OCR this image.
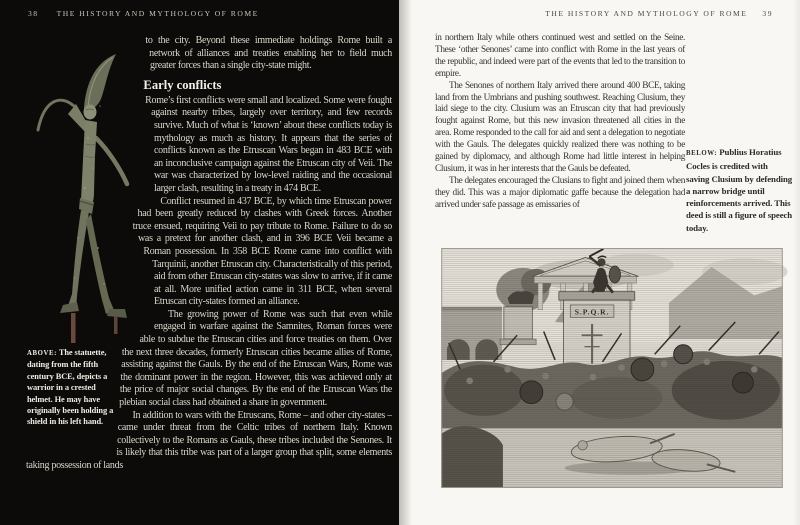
38 THE HISTORY AND MYTHOLOGY OF ROME

to the city. Beyond these immediate holdings Rome built a network of alliances and treaties enabling her to field much greater forces than a single city-state might.

Early conflicts

Rome’s first conflicts were small and localized. Some were fought against nearby tribes, largely over territory, and few records survive. Much of what is ‘known’ about these conflicts today is mythology as much as history. It appears that the series of conflicts known as the Etruscan Wars began in 483 BCE with an inconclusive campaign against the Etruscan city of Veii. The war was characterized by low-level raiding and the occasional larger clash, resulting in a treaty in 474 BCE.

Conflict resumed in 437 BCE, by which time Etruscan power had been greatly reduced by clashes with Greek forces. Another truce ensued, requiring Veii to pay tribute to Rome. Failure to do so was a pretext for another clash, and in 396 BCE Veii became a Roman possession. In 358 BCE Rome came into conflict with Tarquinii, another Etruscan city. Characteristically of this period, aid from other Etruscan city-states was slow to arrive, if it came at all. More unified action came in 311 BCE, when several Etruscan city-states formed an alliance.

The growing power of Rome was such that even while engaged in warfare against the Samnites, Roman forces were able to subdue the Etruscan cities and force treaties on them. Over the next three decades, formerly Etruscan cities became allies of Rome, assisting against the Gauls. By the end of the Etruscan Wars, Rome was the dominant power in the region. However, this was achieved only at the price of major social changes. By the end of the Etruscan Wars the plebian social class had obtained a share in government.

In addition to wars with the Etruscans, Rome – and other city-states – came under threat from the Celtic tribes of northern Italy. Known collectively to the Romans as Gauls, these tribes included the Senones. It is likely that this tribe was part of a larger group that split, some elements taking possession of lands

ABOVE: The statuette, dating from the fifth century BCE, depicts a warrior in a crested helmet. He may have originally been holding a shield in his left hand.
THE HISTORY AND MYTHOLOGY OF ROME 39

in northern Italy while others continued west and settled on the Seine. These ‘other Senones’ came into conflict with Rome in the last years of the republic, and indeed were part of the events that led to the transition to empire.

The Senones of northern Italy arrived there around 400 BCE, taking land from the Umbrians and pushing southwest. Reaching Clusium, they laid siege to the city. Clusium was an Etruscan city that had previously fought against Rome, but this new invasion threatened all cities in the area. Rome responded to the call for aid and sent a delegation to negotiate with the Gauls. The delegates quickly realized there was nothing to be gained by diplomacy, and although Rome had little interest in helping Clusium, it was in her interests that the Gauls be defeated.

The delegates encouraged the Clusians to fight and joined them when they did. This was a major diplomatic gaffe because the delegation had arrived under safe passage as emissaries of

BELOW: Publius Horatius Cocles is credited with saving Clusium by defending a narrow bridge until reinforcements arrived. This deed is still a figure of speech today.
S.P.Q.R.
